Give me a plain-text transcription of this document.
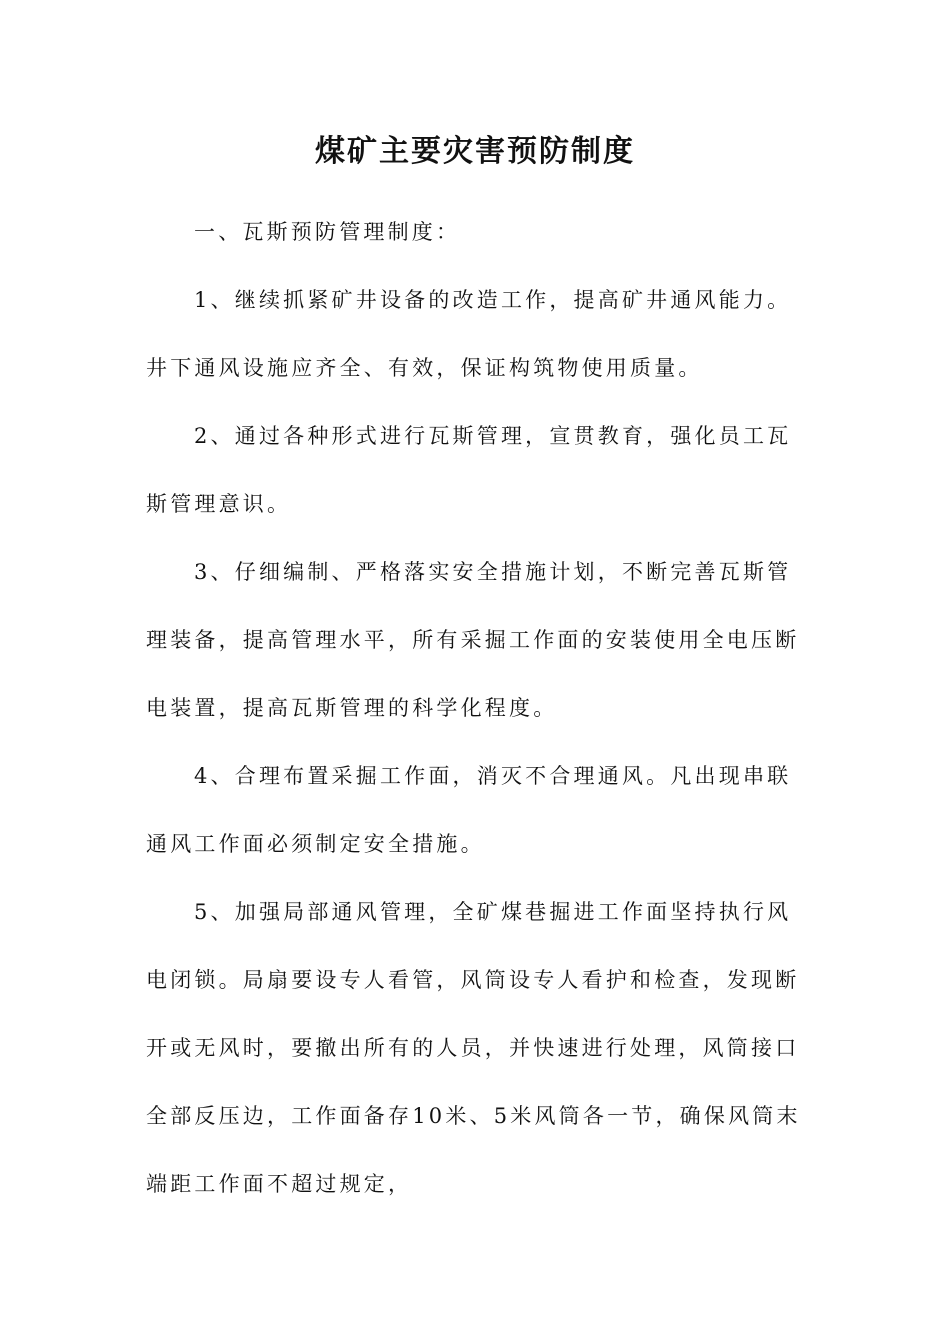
煤矿主要灾害预防制度

一、瓦斯预防管理制度：

1、继续抓紧矿井设备的改造工作，提高矿井通风能力。井下通风设施应齐全、有效，保证构筑物使用质量。

2、通过各种形式进行瓦斯管理，宣贯教育，强化员工瓦斯管理意识。

3、仔细编制、严格落实安全措施计划，不断完善瓦斯管理装备，提高管理水平，所有采掘工作面的安装使用全电压断电装置，提高瓦斯管理的科学化程度。

4、合理布置采掘工作面，消灭不合理通风。凡出现串联通风工作面必须制定安全措施。

5、加强局部通风管理，全矿煤巷掘进工作面坚持执行风电闭锁。局扇要设专人看管，风筒设专人看护和检查，发现断开或无风时，要撤出所有的人员，并快速进行处理，风筒接口全部反压边，工作面备存10米、5米风筒各一节，确保风筒末端距工作面不超过规定，
